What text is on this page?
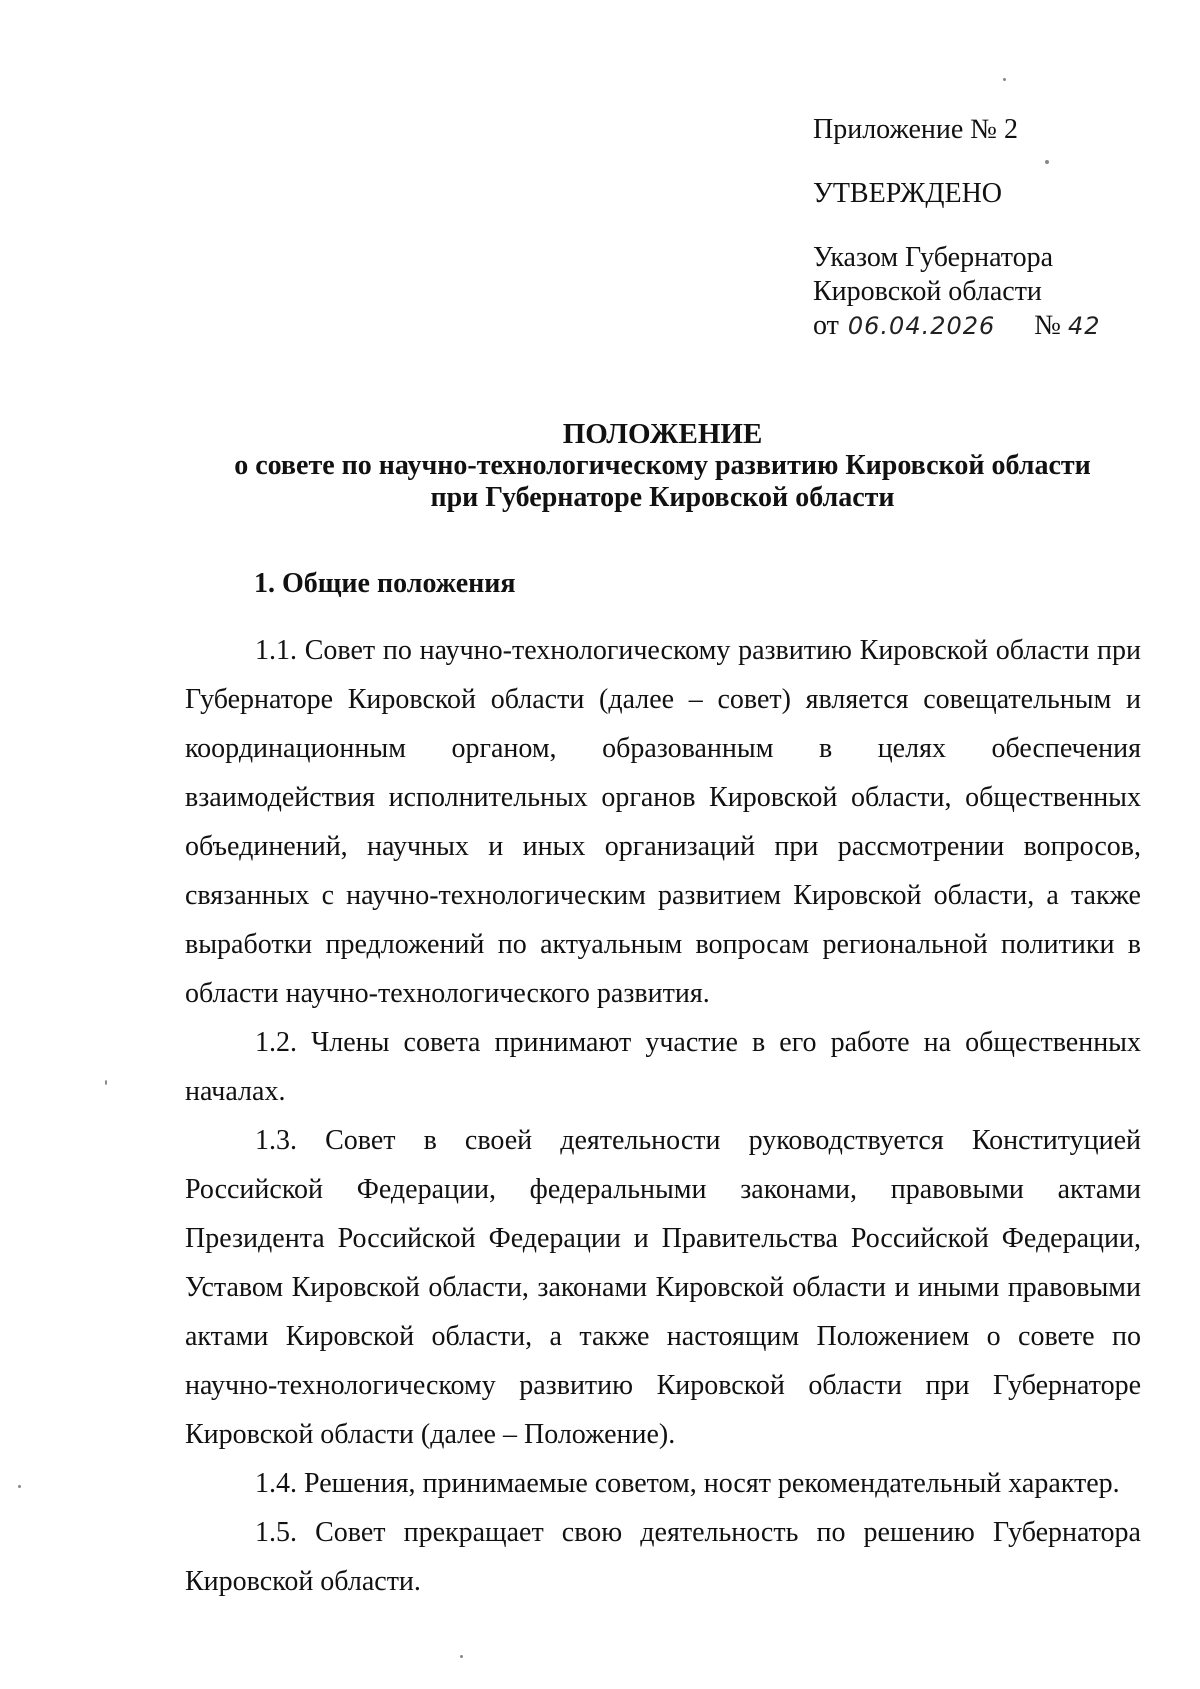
Приложение № 2

УТВЕРЖДЕНО

Указом Губернатора

Кировской области

от 06.04.2026 № 42

ПОЛОЖЕНИЕ

о совете по научно-технологическому развитию Кировской области

при Губернаторе Кировской области

1. Общие положения

1.1. Совет по научно-технологическому развитию Кировской области при Губернаторе Кировской области (далее – совет) является совещательным и координационным органом, образованным в целях обеспечения взаимодействия исполнительных органов Кировской области, общественных объединений, научных и иных организаций при рассмотрении вопросов, связанных с научно-технологическим развитием Кировской области, а также выработки предложений по актуальным вопросам региональной политики в области научно-технологического развития.

1.2. Члены совета принимают участие в его работе на общественных началах.

1.3. Совет в своей деятельности руководствуется Конституцией Российской Федерации, федеральными законами, правовыми актами Президента Российской Федерации и Правительства Российской Федерации, Уставом Кировской области, законами Кировской области и иными правовыми актами Кировской области, а также настоящим Положением о совете по научно-технологическому развитию Кировской области при Губернаторе Кировской области (далее – Положение).

1.4. Решения, принимаемые советом, носят рекомендательный характер.

1.5. Совет прекращает свою деятельность по решению Губернатора Кировской области.
